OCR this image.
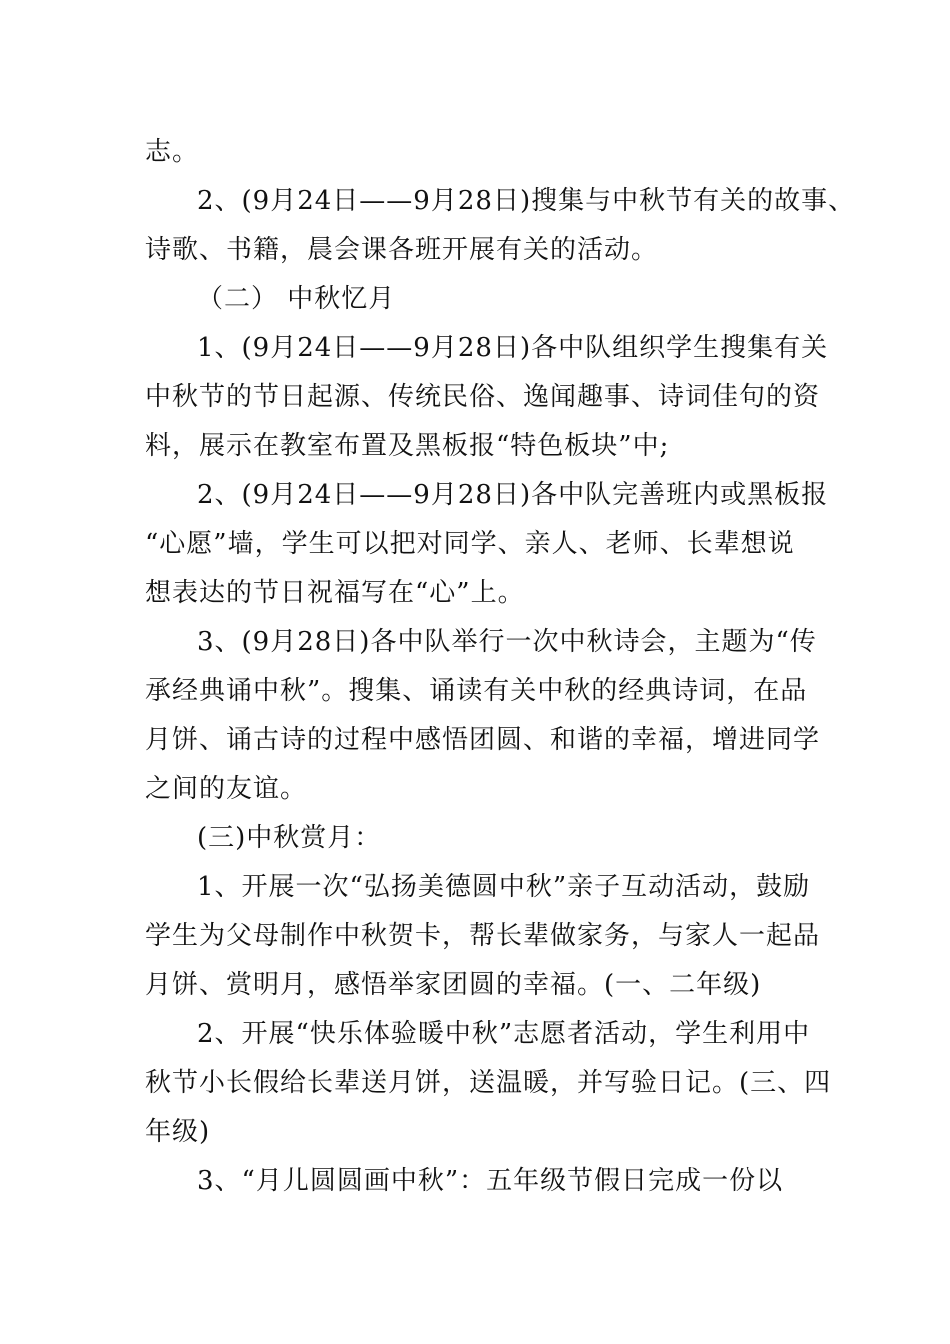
志。
2、(9月24日——9月28日)搜集与中秋节有关的故事、
诗歌、书籍，晨会课各班开展有关的活动。
（二） 中秋忆月
1、(9月24日——9月28日)各中队组织学生搜集有关
中秋节的节日起源、传统民俗、逸闻趣事、诗词佳句的资
料，展示在教室布置及黑板报“特色板块”中;
2、(9月24日——9月28日)各中队完善班内或黑板报
“心愿”墙，学生可以把对同学、亲人、老师、长辈想说
想表达的节日祝福写在“心”上。
3、(9月28日)各中队举行一次中秋诗会，主题为“传
承经典诵中秋”。搜集、诵读有关中秋的经典诗词，在品
月饼、诵古诗的过程中感悟团圆、和谐的幸福，增进同学
之间的友谊。
(三)中秋赏月：
1、开展一次“弘扬美德圆中秋”亲子互动活动，鼓励
学生为父母制作中秋贺卡，帮长辈做家务，与家人一起品
月饼、赏明月，感悟举家团圆的幸福。(一、二年级)
2、开展“快乐体验暖中秋”志愿者活动，学生利用中
秋节小长假给长辈送月饼，送温暖，并写验日记。(三、四
年级)
3、“月儿圆圆画中秋”：五年级节假日完成一份以
